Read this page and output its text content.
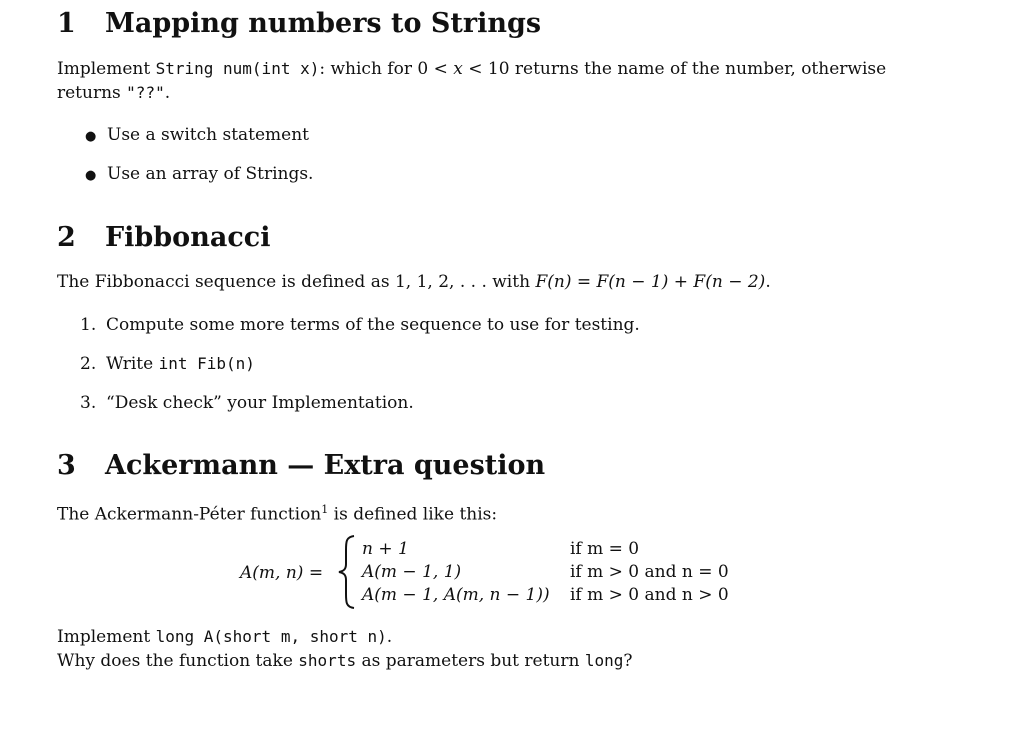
1 Mapping numbers to Strings
Implement String num(int x): which for 0 < x < 10 returns the name of the number, otherwise
returns "??".
● Use a switch statement
● Use an array of Strings.
2 Fibbonacci
The Fibbonacci sequence is defined as 1, 1, 2, . . . with F(n) = F(n − 1) + F(n − 2).
1. Compute some more terms of the sequence to use for testing.
2. Write int Fib(n)
3. “Desk check” your Implementation.
3 Ackermann — Extra question
The Ackermann-Péter function$^1$ is defined like this:
A(m, n) =
n + 1	if m = 0
A(m − 1, 1)	if m > 0 and n = 0
A(m − 1, A(m, n − 1)) if m > 0 and n > 0
Implement long A(short m, short n).
Why does the function take shorts as parameters but return long?
